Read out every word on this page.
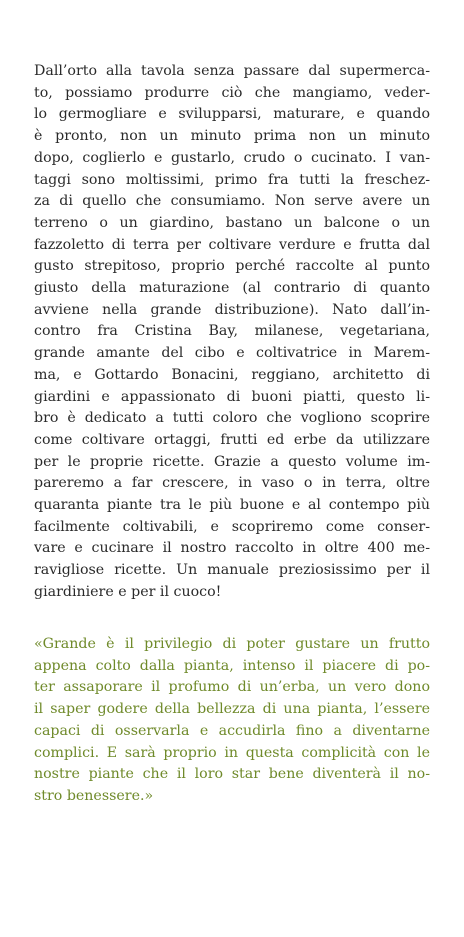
Dall’orto alla tavola senza passare dal supermerca-
to, possiamo produrre ciò che mangiamo, veder-
lo germogliare e svilupparsi, maturare, e quando
è pronto, non un minuto prima non un minuto
dopo, coglierlo e gustarlo, crudo o cucinato. I van-
taggi sono moltissimi, primo fra tutti la freschez-
za di quello che consumiamo. Non serve avere un
terreno o un giardino, bastano un balcone o un
fazzoletto di terra per coltivare verdure e frutta dal
gusto strepitoso, proprio perché raccolte al punto
giusto della maturazione (al contrario di quanto
avviene nella grande distribuzione). Nato dall’in-
contro fra Cristina Bay, milanese, vegetariana,
grande amante del cibo e coltivatrice in Marem-
ma, e Gottardo Bonacini, reggiano, architetto di
giardini e appassionato di buoni piatti, questo li-
bro è dedicato a tutti coloro che vogliono scoprire
come coltivare ortaggi, frutti ed erbe da utilizzare
per le proprie ricette. Grazie a questo volume im-
pareremo a far crescere, in vaso o in terra, oltre
quaranta piante tra le più buone e al contempo più
facilmente coltivabili, e scopriremo come conser-
vare e cucinare il nostro raccolto in oltre 400 me-
ravigliose ricette. Un manuale preziosissimo per il
giardiniere e per il cuoco!
«Grande è il privilegio di poter gustare un frutto
appena colto dalla pianta, intenso il piacere di po-
ter assaporare il profumo di un’erba, un vero dono
il saper godere della bellezza di una pianta, l’essere
capaci di osservarla e accudirla fino a diventarne
complici. E sarà proprio in questa complicità con le
nostre piante che il loro star bene diventerà il no-
stro benessere.»
